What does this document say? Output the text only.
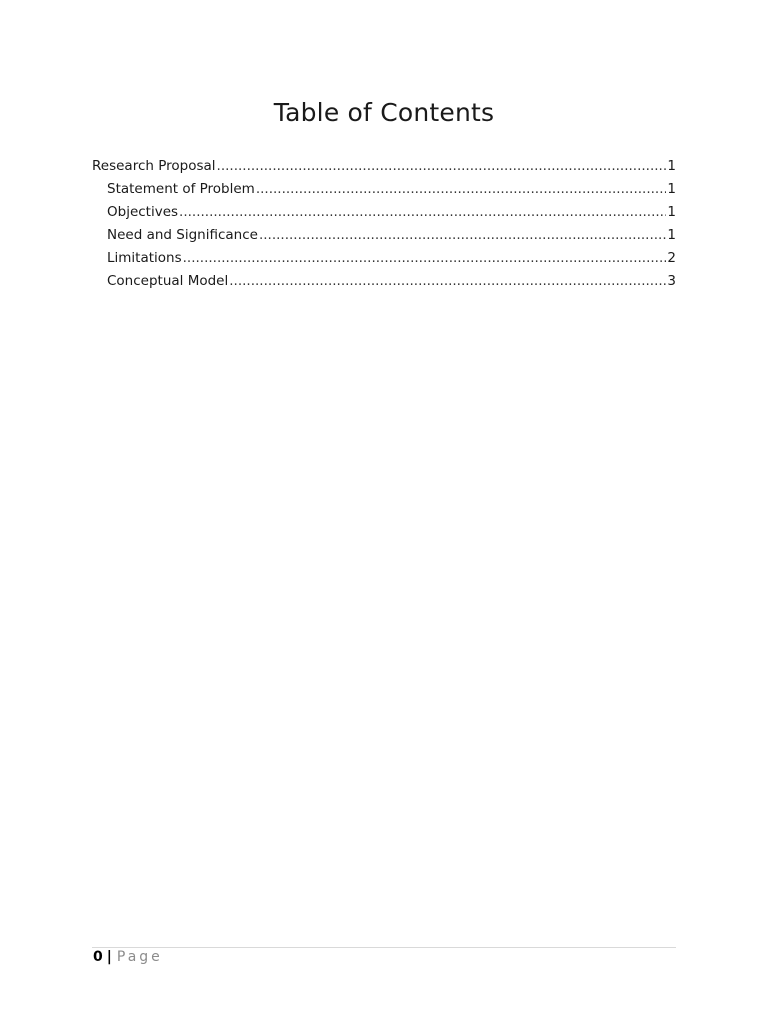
Table of Contents
Research Proposal .....	1
Statement of Problem .....	1
Objectives .....	1
Need and Significance .....	1
Limitations .....	2
Conceptual Model .....	3
0 | Page
